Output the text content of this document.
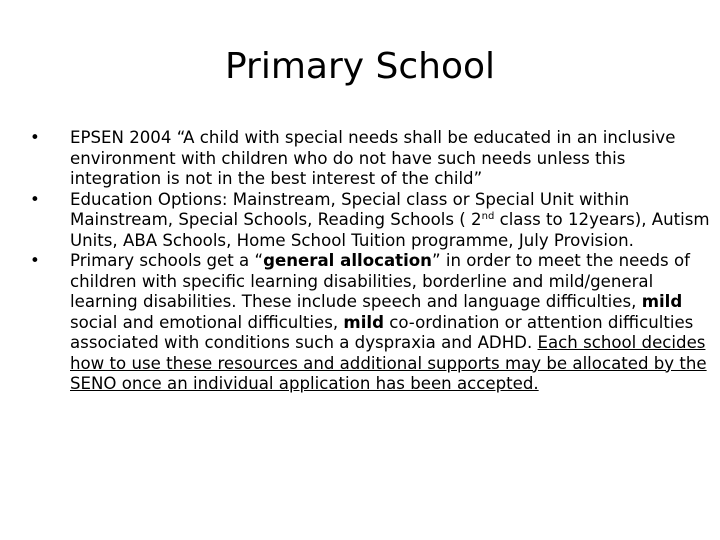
Primary School
•	EPSEN 2004 “A child with special needs shall be educated in an inclusive environment with children who do not have such needs unless this integration is not in the best interest of the child”
•	Education Options: Mainstream, Special class or Special Unit within Mainstream, Special Schools, Reading Schools ( 2nd class to 12years), Autism Units, ABA Schools, Home School Tuition programme, July Provision.
•	Primary schools get a “general allocation” in order to meet the needs of children with specific learning disabilities, borderline and mild/general learning disabilities. These include speech and language difficulties, mild social and emotional difficulties, mild co-ordination or attention difficulties associated with conditions such a dyspraxia and ADHD. Each school decides how to use these resources and additional supports may be allocated by the SENO once an individual application has been accepted.
